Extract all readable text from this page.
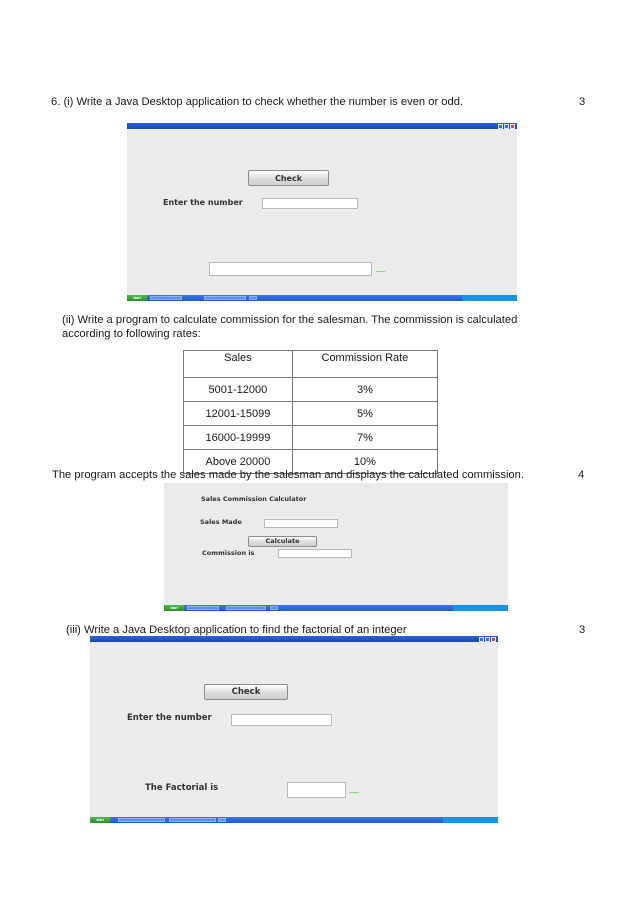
6. (i) Write a Java Desktop application to check whether the number is even or odd.	3
Check
Enter the number
start
(ii) Write a program to calculate commission for the salesman. The commission is calculated
according to following rates:
Sales	Commission Rate

5001-12000	3%
12001-15099	5%
16000-19999	7%
Above 20000	10%
The program accepts the sales made by the salesman and displays the calculated commission.	4
Sales Commission Calculator
Sales Made
Calculate
Commission is
start
(iii) Write a Java Desktop application to find the factorial of an integer	3
Check
Enter the number
The Factorial is
start
